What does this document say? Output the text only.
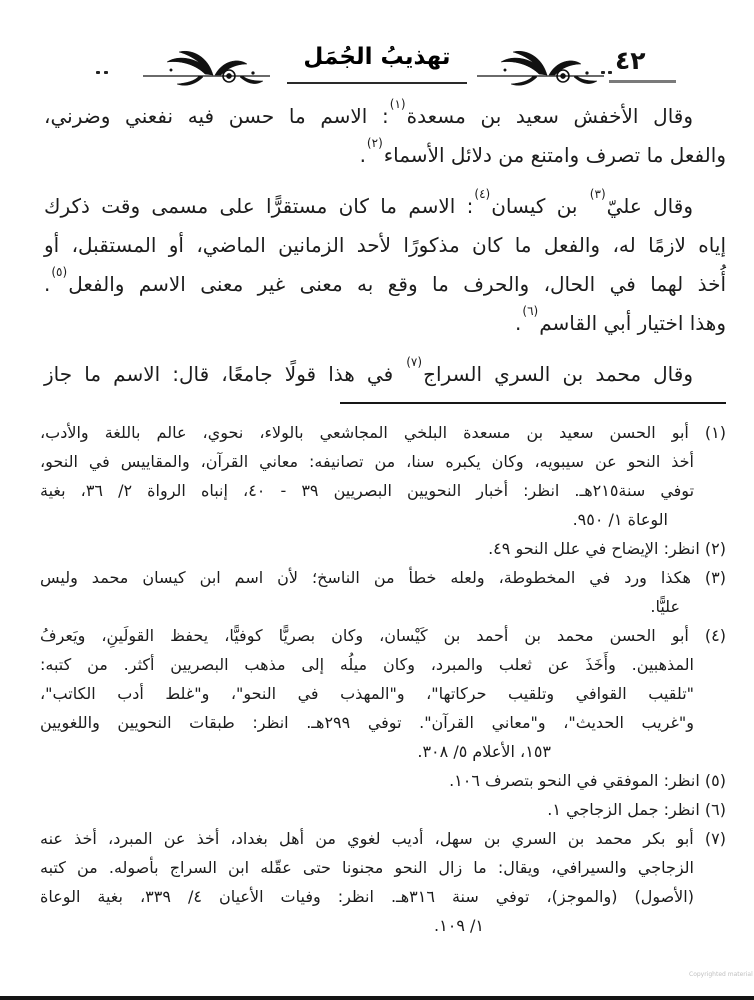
تهذيبُ الجُمَل	٤٢
وقال الأخفش سعيد بن مسعدة$^{(١)}$: الاسم ما حسن فيه نفعني وضرني،
والفعل ما تصرف وامتنع من دلائل الأسماء$^{(٢)}$.
وقال عليّ$^{(٣)}$ بن كيسان$^{(٤)}$: الاسم ما كان مستقرًّا على مسمى وقت ذكرك
إياه لازمًا له، والفعل ما كان مذكورًا لأحد الزمانين الماضي، أو المستقبل، أو
أُخذ لهما في الحال، والحرف ما وقع به معنى غير معنى الاسم والفعل$^{(٥)}$.
وهذا اختيار أبي القاسم$^{(٦)}$.
وقال محمد بن السري السراج$^{(٧)}$ في هذا قولًا جامعًا، قال: الاسم ما جاز
(١) أبو الحسن سعيد بن مسعدة البلخي المجاشعي بالولاء، نحوي، عالم باللغة والأدب،
أخذ النحو عن سيبويه، وكان يكبره سنا، من تصانيفه: معاني القرآن، والمقاييس في النحو،
توفي سنة٢١٥هـ. انظر: أخبار النحويين البصريين ٣٩ - ٤٠، إنباه الرواة ٢/ ٣٦، بغية
الوعاة ١/ ٩٥٠.
(٢) انظر: الإيضاح في علل النحو ٤٩.
(٣) هكذا ورد في المخطوطة، ولعله خطأ من الناسخ؛ لأن اسم ابن كيسان محمد وليس
عليًّا.
(٤) أبو الحسن محمد بن أحمد بن كَيْسان، وكان بصريًّا كوفيًّا، يحفظ القولَينِ، ويَعرفُ
المذهبين. وأَخَذَ عن ثعلب والمبرد، وكان ميلُه إلى مذهب البصريين أكثر. من كتبه:
"تلقيب القوافي وتلقيب حركاتها"، و"المهذب في النحو"، و"غلط أدب الكاتب"،
و"غريب الحديث"، و"معاني القرآن". توفي ٢٩٩هـ. انظر: طبقات النحويين واللغويين
١٥٣، الأعلام ٥/ ٣٠٨.
(٥) انظر: الموفقي في النحو بتصرف ١٠٦.
(٦) انظر: جمل الزجاجي ١.
(٧) أبو بكر محمد بن السري بن سهل، أديب لغوي من أهل بغداد، أخذ عن المبرد، أخذ عنه
الزجاجي والسيرافي، ويقال: ما زال النحو مجنونا حتى عقّله ابن السراج بأصوله. من كتبه
(الأصول) (والموجز)، توفي سنة ٣١٦هـ. انظر: وفيات الأعيان ٤/ ٣٣٩، بغية الوعاة
١/ ١٠٩.
Copyrighted material
